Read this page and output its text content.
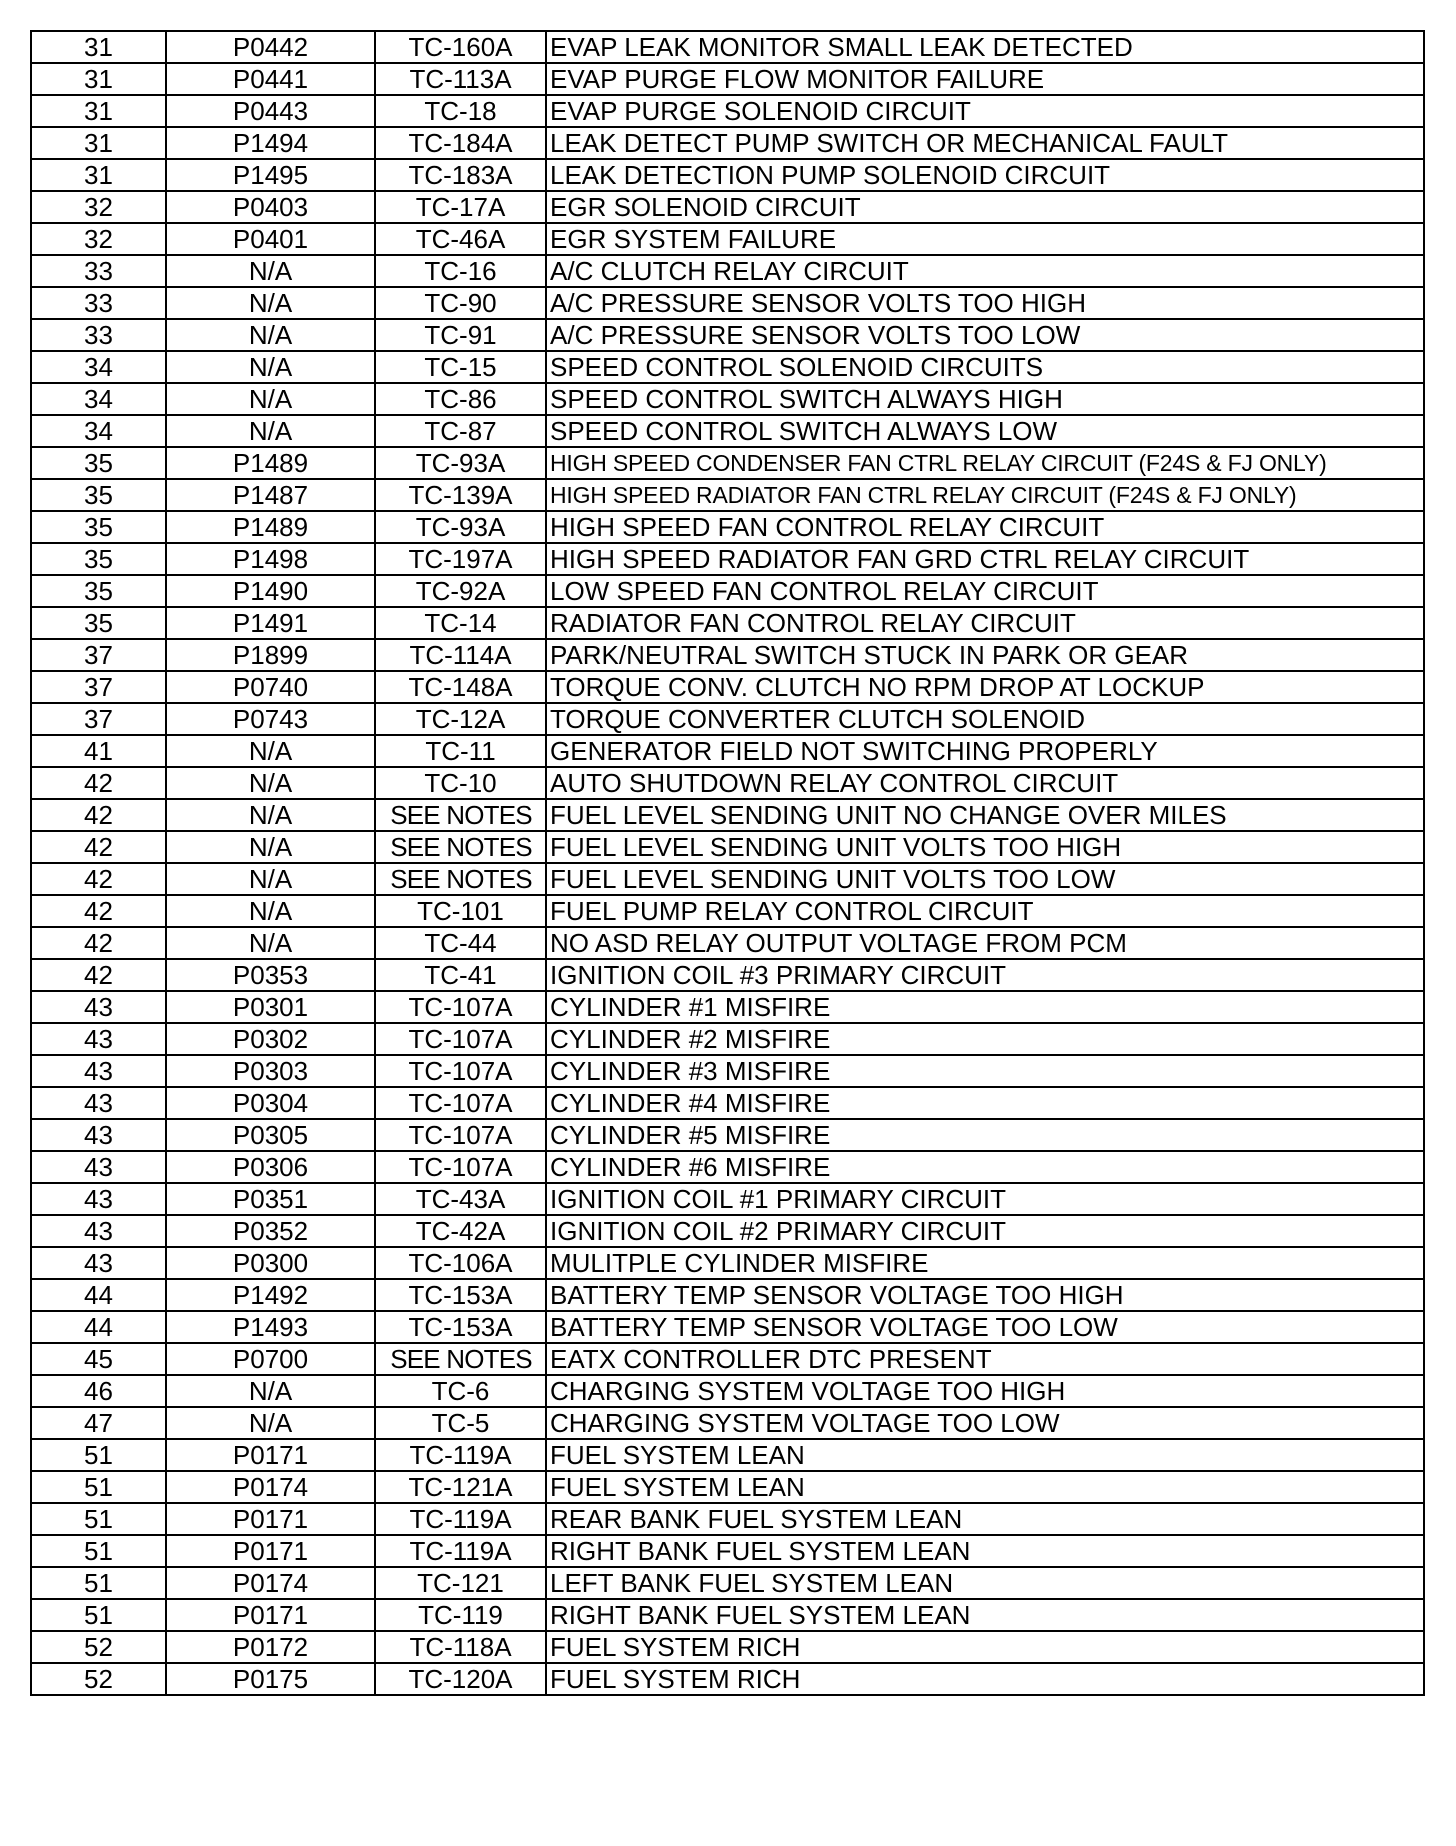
31	P0442	TC-160A	EVAP LEAK MONITOR SMALL LEAK DETECTED
31	P0441	TC-113A	EVAP PURGE FLOW MONITOR FAILURE
31	P0443	TC-18	EVAP PURGE SOLENOID CIRCUIT
31	P1494	TC-184A	LEAK DETECT PUMP SWITCH OR MECHANICAL FAULT
31	P1495	TC-183A	LEAK DETECTION PUMP SOLENOID CIRCUIT
32	P0403	TC-17A	EGR SOLENOID CIRCUIT
32	P0401	TC-46A	EGR SYSTEM FAILURE
33	N/A	TC-16	A/C CLUTCH RELAY CIRCUIT
33	N/A	TC-90	A/C PRESSURE SENSOR VOLTS TOO HIGH
33	N/A	TC-91	A/C PRESSURE SENSOR VOLTS TOO LOW
34	N/A	TC-15	SPEED CONTROL SOLENOID CIRCUITS
34	N/A	TC-86	SPEED CONTROL SWITCH ALWAYS HIGH
34	N/A	TC-87	SPEED CONTROL SWITCH ALWAYS LOW
35	P1489	TC-93A	HIGH SPEED CONDENSER FAN CTRL RELAY CIRCUIT (F24S & FJ ONLY)
35	P1487	TC-139A	HIGH SPEED RADIATOR FAN CTRL RELAY CIRCUIT (F24S & FJ ONLY)
35	P1489	TC-93A	HIGH SPEED FAN CONTROL RELAY CIRCUIT
35	P1498	TC-197A	HIGH SPEED RADIATOR FAN GRD CTRL RELAY CIRCUIT
35	P1490	TC-92A	LOW SPEED FAN CONTROL RELAY CIRCUIT
35	P1491	TC-14	RADIATOR FAN CONTROL RELAY CIRCUIT
37	P1899	TC-114A	PARK/NEUTRAL SWITCH STUCK IN PARK OR GEAR
37	P0740	TC-148A	TORQUE CONV. CLUTCH NO RPM DROP AT LOCKUP
37	P0743	TC-12A	TORQUE CONVERTER CLUTCH SOLENOID
41	N/A	TC-11	GENERATOR FIELD NOT SWITCHING PROPERLY
42	N/A	TC-10	AUTO SHUTDOWN RELAY CONTROL CIRCUIT
42	N/A	SEE NOTES	FUEL LEVEL SENDING UNIT NO CHANGE OVER MILES
42	N/A	SEE NOTES	FUEL LEVEL SENDING UNIT VOLTS TOO HIGH
42	N/A	SEE NOTES	FUEL LEVEL SENDING UNIT VOLTS TOO LOW
42	N/A	TC-101	FUEL PUMP RELAY CONTROL CIRCUIT
42	N/A	TC-44	NO ASD RELAY OUTPUT VOLTAGE FROM PCM
42	P0353	TC-41	IGNITION COIL #3 PRIMARY CIRCUIT
43	P0301	TC-107A	CYLINDER #1 MISFIRE
43	P0302	TC-107A	CYLINDER #2 MISFIRE
43	P0303	TC-107A	CYLINDER #3 MISFIRE
43	P0304	TC-107A	CYLINDER #4 MISFIRE
43	P0305	TC-107A	CYLINDER #5 MISFIRE
43	P0306	TC-107A	CYLINDER #6 MISFIRE
43	P0351	TC-43A	IGNITION COIL #1 PRIMARY CIRCUIT
43	P0352	TC-42A	IGNITION COIL #2 PRIMARY CIRCUIT
43	P0300	TC-106A	MULITPLE CYLINDER MISFIRE
44	P1492	TC-153A	BATTERY TEMP SENSOR VOLTAGE TOO HIGH
44	P1493	TC-153A	BATTERY TEMP SENSOR VOLTAGE TOO LOW
45	P0700	SEE NOTES	EATX CONTROLLER DTC PRESENT
46	N/A	TC-6	CHARGING SYSTEM VOLTAGE TOO HIGH
47	N/A	TC-5	CHARGING SYSTEM VOLTAGE TOO LOW
51	P0171	TC-119A	FUEL SYSTEM LEAN
51	P0174	TC-121A	FUEL SYSTEM LEAN
51	P0171	TC-119A	REAR BANK FUEL SYSTEM LEAN
51	P0171	TC-119A	RIGHT BANK FUEL SYSTEM LEAN
51	P0174	TC-121	LEFT BANK FUEL SYSTEM LEAN
51	P0171	TC-119	RIGHT BANK FUEL SYSTEM LEAN
52	P0172	TC-118A	FUEL SYSTEM RICH
52	P0175	TC-120A	FUEL SYSTEM RICH
